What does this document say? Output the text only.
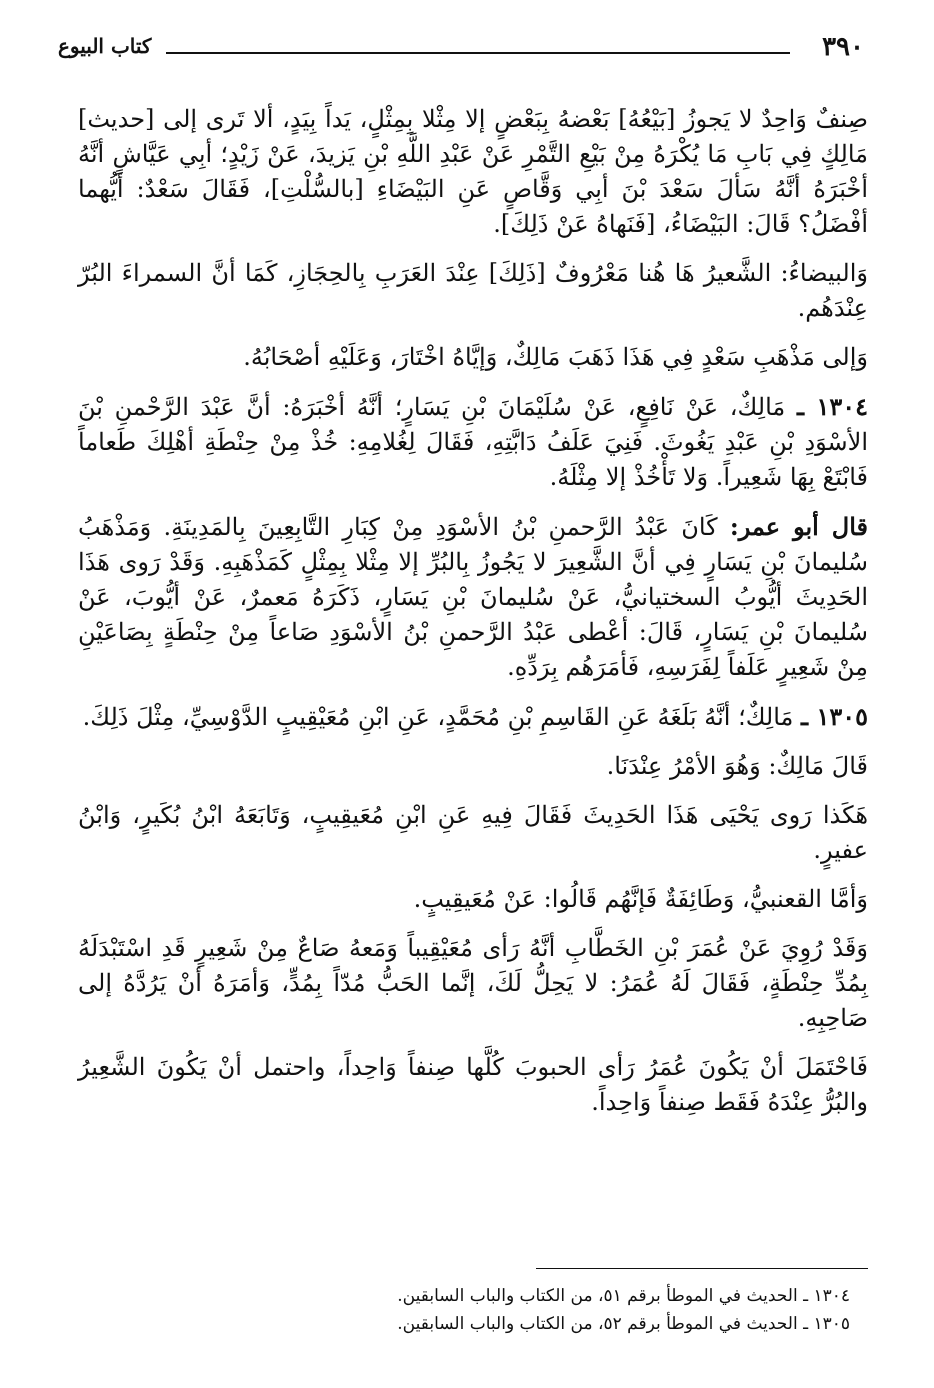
٣٩٠
كتاب البيوع

صِنفٌ وَاحِدٌ لا يَجوزُ [بَيْعُهُ] بَعْضهُ بِبَعْضٍ إلا مِثْلا بِمِثْلٍ، يَداً بِيَدٍ، ألا تَرى إلى [حديث] مَالِكٍ فِي بَابِ مَا يُكْرَهُ مِنْ بَيْعِ التَّمْرِ عَنْ عَبْدِ اللَّهِ بْنِ يَزيدَ، عَنْ زَيْدٍ؛ أبِي عَيَّاشٍ أنَّهُ أخْبَرَهُ أنَّهُ سَألَ سَعْدَ بْنَ أبِي وَقَّاصٍ عَنِ البَيْضَاءِ [بالسُّلْتِ]، فَقَالَ سَعْدٌ: أيُّهما أفْضَلُ؟ قَالَ: البَيْضَاءُ، [فَنَهاهُ عَنْ ذَلِكَ].

وَالبيضاءُ: الشَّعيرُ هَا هُنا مَعْرُوفٌ [ذَلِكَ] عِنْدَ العَرَبِ بِالحِجَازِ، كَمَا أنَّ السمراءَ البُرّ عِنْدَهُم.

وَإلى مَذْهَبِ سَعْدٍ فِي هَذَا ذَهَبَ مَالِكٌ، وَإيَّاهُ اخْتَارَ، وَعَلَيْهِ أصْحَابُهُ.

١٣٠٤ ـ مَالِكٌ، عَنْ نَافِعٍ، عَنْ سُلَيْمَانَ بْنِ يَسَارٍ؛ أنَّهُ أخْبَرَهُ: أنَّ عَبْدَ الرَّحْمنِ بْنَ الأسْوَدِ بْنِ عَبْدِ يَغُوثَ. فَنِيَ عَلَفُ دَابَّتِهِ، فَقَالَ لِغُلامِهِ: خُذْ مِنْ حِنْطَةِ أهْلِكَ طَعاماً فَابْتَعْ بِهَا شَعِيراً. وَلا تَأْخُذْ إلا مِثْلَهُ.

قال أبو عمر: كَانَ عَبْدُ الرَّحمنِ بْنُ الأسْوَدِ مِنْ كِبَارِ التَّابِعِينَ بِالمَدِينَةِ. وَمَذْهَبُ سُليمانَ بْنِ يَسَارٍ فِي أنَّ الشَّعِيرَ لا يَجُوزُ بِالبُرِّ إلا مِثْلا بِمِثْلٍ كَمَذْهَبِهِ. وَقَدْ رَوى هَذَا الحَدِيثَ أيُّوبُ السختيانيُّ، عَنْ سُليمانَ بْنِ يَسَارٍ، ذَكَرَهُ مَعمرٌ، عَنْ أيُّوبَ، عَنْ سُليمانَ بْنِ يَسَارٍ، قَالَ: أعْطى عَبْدُ الرَّحمنِ بْنُ الأسْوَدِ صَاعاً مِنْ حِنْطَةٍ بِصَاعَيْنِ مِنْ شَعِيرٍ عَلَفاً لِفَرَسِهِ، فَأمَرَهُم بِرَدِّهِ.

١٣٠٥ ـ مَالِكٌ؛ أنَّهُ بَلَغَهُ عَنِ القَاسِمِ بْنِ مُحَمَّدٍ، عَنِ ابْنِ مُعَيْقِيبٍ الدَّوْسِيِّ، مِثْلَ ذَلِكَ.

قَالَ مَالِكٌ: وَهُوَ الأمْرُ عِنْدَنَا.

هَكَذا رَوى يَحْيَى هَذَا الحَدِيثَ فَقَالَ فِيهِ عَنِ ابْنِ مُعَيقِيبٍ، وَتَابَعَهُ ابْنُ بُكَيرٍ، وَابْنُ عفيرٍ.

وَأمَّا القعنبيُّ، وَطَائِفَةٌ فَإنَّهُم قَالُوا: عَنْ مُعَيقِيبٍ.

وَقَدْ رُوِيَ عَنْ عُمَرَ بْنِ الخَطَّابِ أنَّهُ رَأى مُعَيْقِيباً وَمَعهُ صَاعٌ مِنْ شَعِيرٍ قَدِ اسْتَبْدَلَهُ بِمُدِّ حِنْطَةٍ، فَقَالَ لَهُ عُمَرُ: لا يَحِلُّ لَكَ، إنَّما الحَبُّ مُدّاً بِمُدٍّ، وَأمَرَهُ أنْ يَرُدَّهُ إلى صَاحِبِهِ.

فَاحْتَمَلَ أنْ يَكُونَ عُمَرُ رَأى الحبوبَ كُلَّها صِنفاً وَاحِداً، واحتمل أنْ يَكُونَ الشَّعِيرُ والبُرُّ عِنْدَهُ فَقَط صِنفاً وَاحِداً.

١٣٠٤ ـ الحديث في الموطأ برقم ٥١، من الكتاب والباب السابقين.
١٣٠٥ ـ الحديث في الموطأ برقم ٥٢، من الكتاب والباب السابقين.
